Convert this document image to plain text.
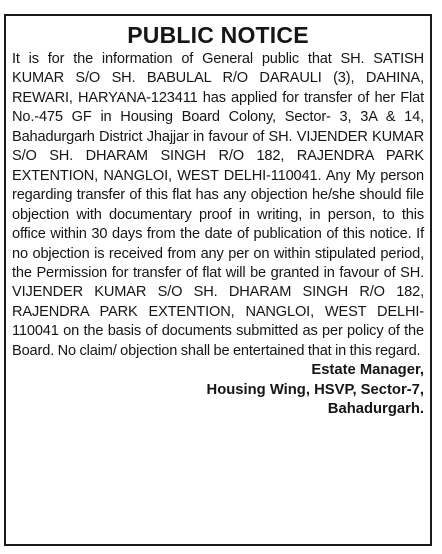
PUBLIC NOTICE

It is for the information of General public that SH. SATISH KUMAR S/O SH. BABULAL R/O DARAULI (3), DAHINA, REWARI, HARYANA-123411 has applied for transfer of her Flat No.-475 GF in Housing Board Colony, Sector- 3, 3A & 14, Bahadurgarh District Jhajjar in favour of SH. VIJENDER KUMAR S/O SH. DHARAM SINGH R/O 182, RAJENDRA PARK EXTENTION, NANGLOI, WEST DELHI-110041. Any My person regarding transfer of this flat has any objection he/she should file objection with documentary proof in writing, in person, to this office within 30 days from the date of publication of this notice. If no objection is received from any per on within stipulated period, the Permission for transfer of flat will be granted in favour of SH. VIJENDER KUMAR S/O SH. DHARAM SINGH R/O 182, RAJENDRA PARK EXTENTION, NANGLOI, WEST DELHI-110041 on the basis of documents submitted as per policy of the Board. No claim/ objection shall be entertained that in this regard.

Estate Manager,
Housing Wing, HSVP, Sector-7,
Bahadurgarh.
